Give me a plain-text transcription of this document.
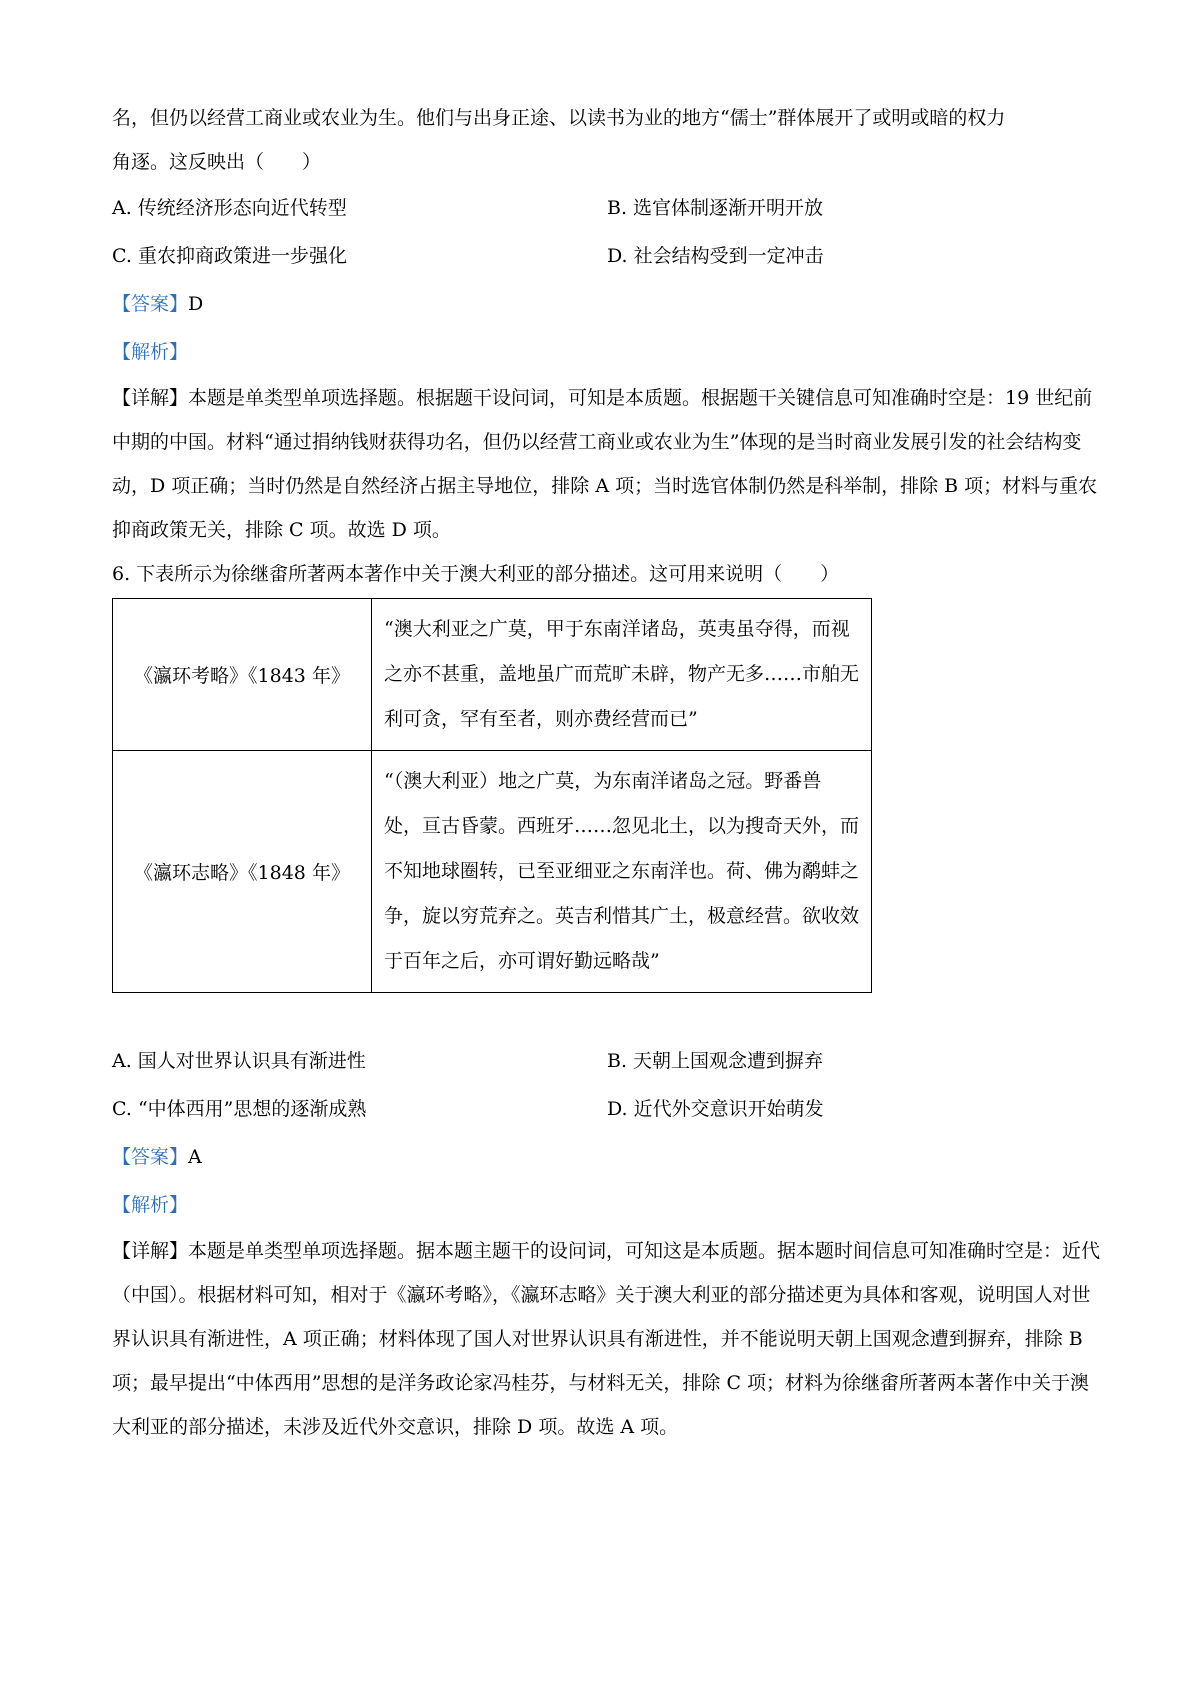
名，但仍以经营工商业或农业为生。他们与出身正途、以读书为业的地方“儒士”群体展开了或明或暗的权力

角逐。这反映出（　　）

A. 传统经济形态向近代转型	B. 选官体制逐渐开明开放
C. 重农抑商政策进一步强化	D. 社会结构受到一定冲击
【答案】D
【解析】

【详解】本题是单类型单项选择题。根据题干设问词，可知是本质题。根据题干关键信息可知准确时空是：19 世纪前中期的中国。材料“通过捐纳钱财获得功名，但仍以经营工商业或农业为生”体现的是当时商业发展引发的社会结构变动，D 项正确；当时仍然是自然经济占据主导地位，排除 A 项；当时选官体制仍然是科举制，排除 B 项；材料与重农抑商政策无关，排除 C 项。故选 D 项。

6. 下表所示为徐继畬所著两本著作中关于澳大利亚的部分描述。这可用来说明（　　）

《瀛环考略》《1843 年》	“澳大利亚之广莫，甲于东南洋诸岛，英夷虽夺得，而视之亦不甚重，盖地虽广而荒旷未辟，物产无多……市舶无利可贪，罕有至者，则亦费经营而已”
《瀛环志略》《1848 年》	“（澳大利亚）地之广莫，为东南洋诸岛之冠。野番兽处，亘古昏蒙。西班牙……忽见北土，以为搜奇天外，而不知地球圈转，已至亚细亚之东南洋也。荷、佛为鹬蚌之争，旋以穷荒弃之。英吉利惜其广土，极意经营。欲收效于百年之后，亦可谓好勤远略哉”
A. 国人对世界认识具有渐进性	B. 天朝上国观念遭到摒弃
C. “中体西用”思想的逐渐成熟	D. 近代外交意识开始萌发
【答案】A
【解析】

【详解】本题是单类型单项选择题。据本题主题干的设问词，可知这是本质题。据本题时间信息可知准确时空是：近代（中国）。根据材料可知，相对于《瀛环考略》，《瀛环志略》关于澳大利亚的部分描述更为具体和客观，说明国人对世界认识具有渐进性，A 项正确；材料体现了国人对世界认识具有渐进性，并不能说明天朝上国观念遭到摒弃，排除 B 项；最早提出“中体西用”思想的是洋务政论家冯桂芬，与材料无关，排除 C 项；材料为徐继畬所著两本著作中关于澳大利亚的部分描述，未涉及近代外交意识，排除 D 项。故选 A 项。
